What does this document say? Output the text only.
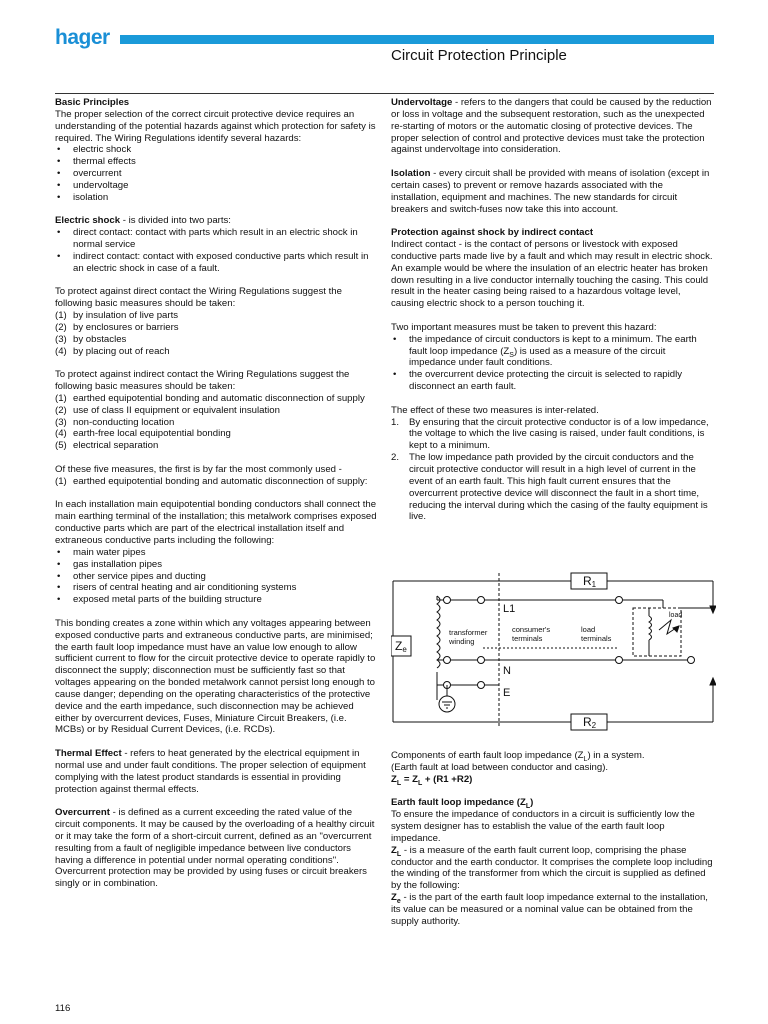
hager
Circuit Protection Principle

Basic Principles

The proper selection of the correct circuit protective device requires an understanding of the potential hazards against which protection for safety is required. The Wiring Regulations identify several hazards:

• electric shock
• thermal effects
• overcurrent
• undervoltage
• isolation

Electric shock - is divided into two parts:

• direct contact: contact with parts which result in an electric shock in normal service
• indirect contact: contact with exposed conductive parts which result in an electric shock in case of a fault.

To protect against direct contact the Wiring Regulations suggest the following basic measures should be taken:

(1) by insulation of live parts
(2) by enclosures or barriers
(3) by obstacles
(4) by placing out of reach

To protect against indirect contact the Wiring Regulations suggest the following basic measures should be taken:

(1) earthed equipotential bonding and automatic disconnection of supply
(2) use of class II equipment or equivalent insulation
(3) non-conducting location
(4) earth-free local equipotential bonding
(5) electrical separation

Of these five measures, the first is by far the most commonly used -

(1) earthed equipotential bonding and automatic disconnection of supply:

In each installation main equipotential bonding conductors shall connect the main earthing terminal of the installation; this metalwork comprises exposed conductive parts which are part of the electrical installation itself and extraneous conductive parts including the following:

• main water pipes
• gas installation pipes
• other service pipes and ducting
• risers of central heating and air conditioning systems
• exposed metal parts of the building structure

This bonding creates a zone within which any voltages appearing between exposed conductive parts and extraneous conductive parts, are minimised; the earth fault loop impedance must have an value low enough to allow sufficient current to flow for the circuit protective device to operate rapidly to disconnect the supply; disconnection must be sufficiently fast so that voltages appearing on the bonded metalwork cannot persist long enough to cause danger; depending on the operating characteristics of the protective device and the earth impedance, such disconnection may be achieved either by overcurrent devices, Fuses, Miniature Circuit Breakers, (i.e. MCBs) or by Residual Current Devices, (i.e. RCDs).

Thermal Effect - refers to heat generated by the electrical equipment in normal use and under fault conditions. The proper selection of equipment complying with the latest product standards is essential in providing protection against thermal effects.

Overcurrent - is defined as a current exceeding the rated value of the circuit components. It may be caused by the overloading of a healthy circuit or it may take the form of a short-circuit current, defined as an "overcurrent resulting from a fault of negligible impedance between live conductors having a difference in potential under normal operating conditions". Overcurrent protection may be provided by using fuses or circuit breakers singly or in combination.

Undervoltage - refers to the dangers that could be caused by the reduction or loss in voltage and the subsequent restoration, such as the unexpected re-starting of motors or the automatic closing of protective devices. The proper selection of control and protective devices must take the protection against undervoltage into consideration.

Isolation - every circuit shall be provided with means of isolation (except in certain cases) to prevent or remove hazards associated with the installation, equipment and machines. The new standards for circuit breakers and switch-fuses now take this into account.

Protection against shock by indirect contact

Indirect contact - is the contact of persons or livestock with exposed conductive parts made live by a fault and which may result in electric shock. An example would be where the insulation of an electric heater has broken down resulting in a live conductor internally touching the casing. This could result in the heater casing being raised to a hazardous voltage level, causing electric shock to a person touching it.

Two important measures must be taken to prevent this hazard:

• the impedance of circuit conductors is kept to a minimum. The earth fault loop impedance $(Z_S)$ is used as a measure of the circuit impedance under fault conditions.
• the overcurrent device protecting the circuit is selected to rapidly disconnect an earth fault.

The effect of these two measures is inter-related.

1. By ensuring that the circuit protective conductor is of a low impedance, the voltage to which the live casing is raised, under fault conditions, is kept to a minimum.
2. The low impedance path provided by the circuit conductors and the circuit protective conductor will result in a high level of current in the event of an earth fault. This high fault current ensures that the overcurrent protective device will disconnect the fault in a short time, reducing the interval during which the casing of the faulty equipment is live.
R1
R2
Ze
L1
N
E
transformer
winding
consumer's
terminals
load
terminals
load

Components of earth fault loop impedance $(Z_L)$ in a system.

(Earth fault at load between conductor and casing).

$Z_L = Z_L + (R1 +R2)$

Earth fault loop impedance $(Z_L)$

To ensure the impedance of conductors in a circuit is sufficiently low the system designer has to establish the value of the earth fault loop impedance.

$Z_L$ - is a measure of the earth fault current loop, comprising the phase conductor and the earth conductor. It comprises the complete loop including the winding of the transformer from which the circuit is supplied as defined by the following:

$Z_e$ - is the part of the earth fault loop impedance external to the installation, its value can be measured or a nominal value can be obtained from the supply authority.

116
